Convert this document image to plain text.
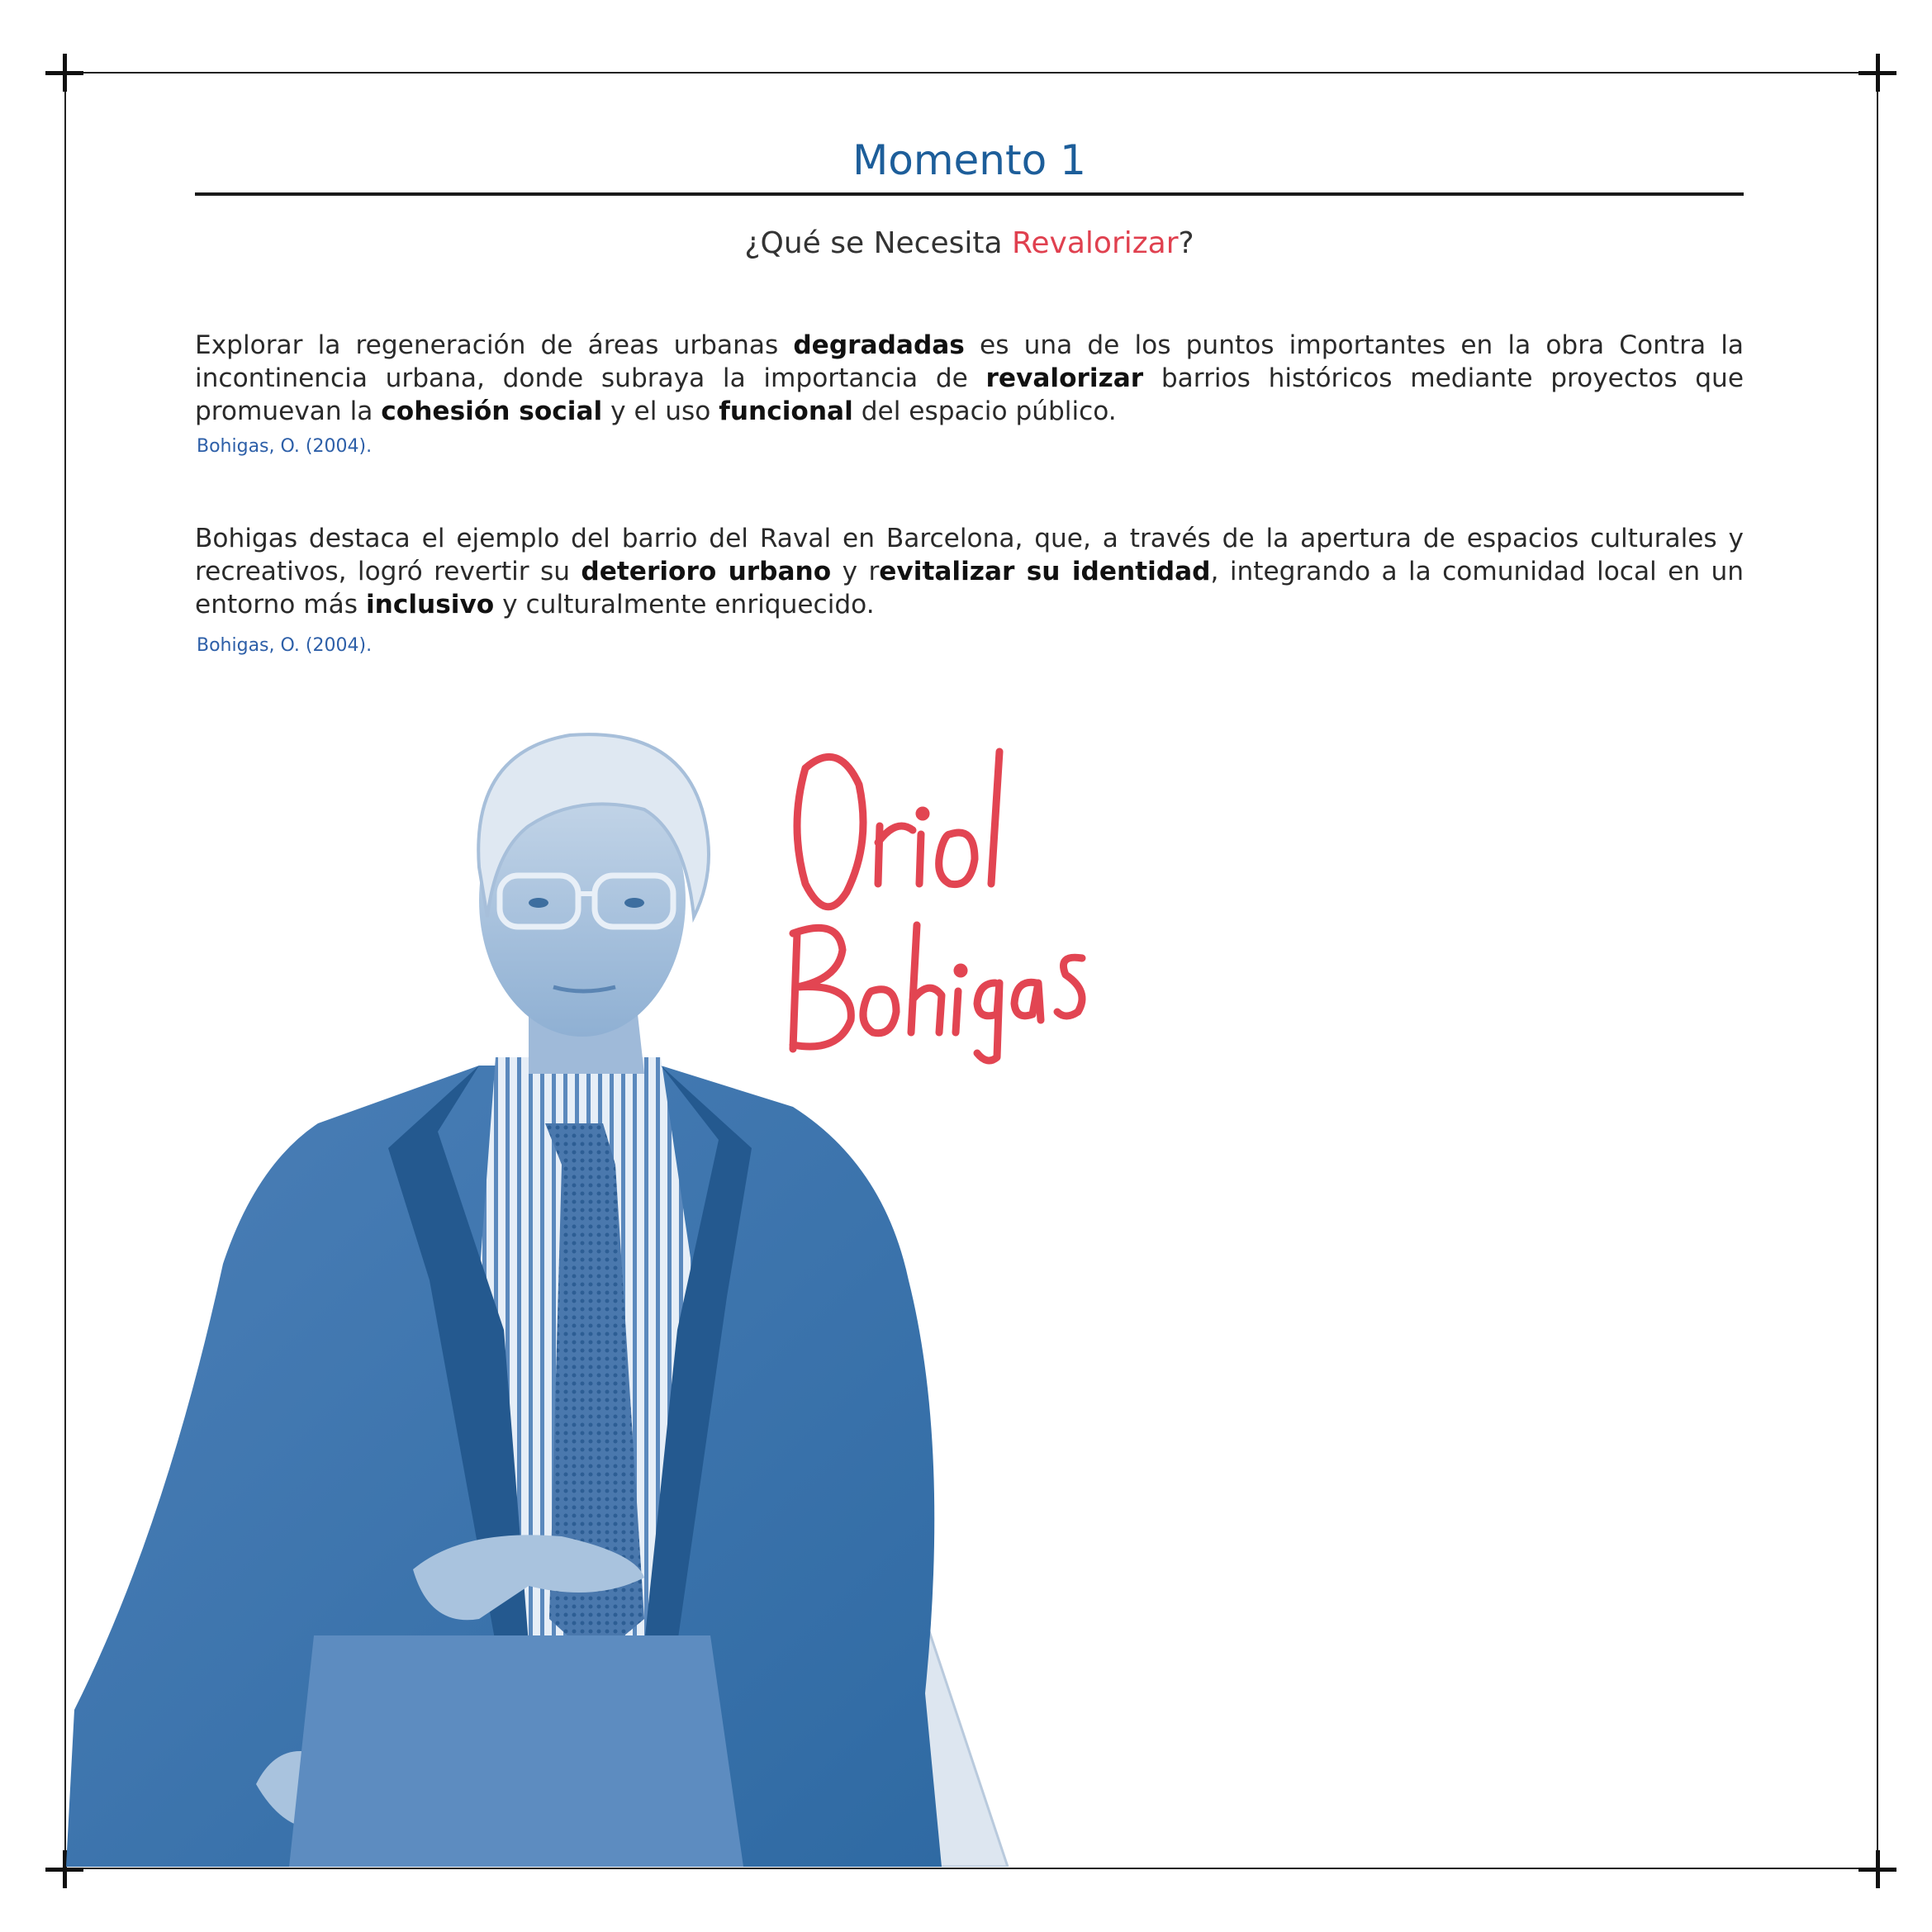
Momento 1
¿Qué se Necesita Revalorizar?

Explorar la regeneración de áreas urbanas degradadas es una de los puntos importantes en la obra Contra la incontinencia urbana, donde subraya la importancia de revalorizar barrios históricos mediante proyectos que promuevan la cohesión social y el uso funcional del espacio público.

Bohigas, O. (2004).

Bohigas destaca el ejemplo del barrio del Raval en Barcelona, que, a través de la apertura de espacios culturales y recreativos, logró revertir su deterioro urbano y revitalizar su identidad, integrando a la comunidad local en un entorno más inclusivo y culturalmente enriquecido.

Bohigas, O. (2004).
